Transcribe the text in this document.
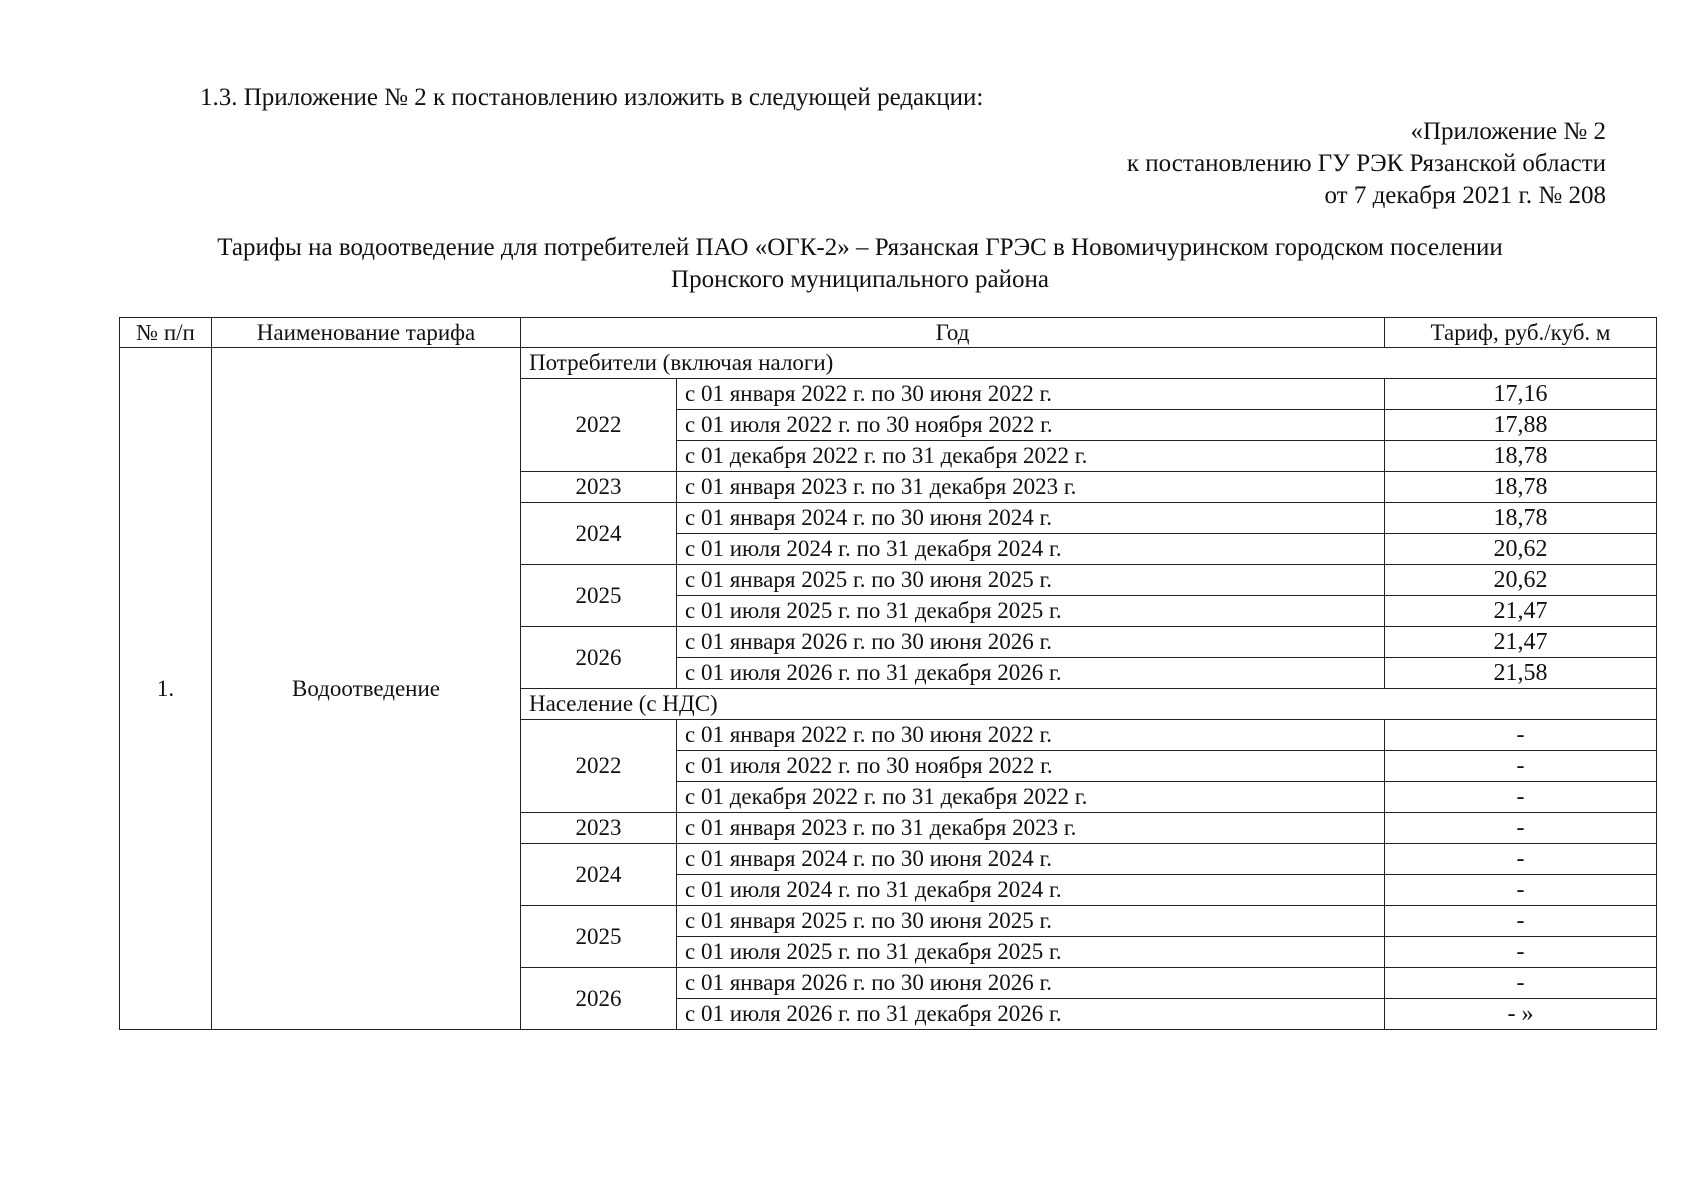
1.3. Приложение № 2 к постановлению изложить в следующей редакции:
«Приложение № 2
к постановлению ГУ РЭК Рязанской области
от 7 декабря 2021 г. № 208
Тарифы на водоотведение для потребителей ПАО «ОГК-2» – Рязанская ГРЭС в Новомичуринском городском поселении
Пронского муниципального района
№ п/п	Наименование тарифа	Год		Тариф, руб./куб. м
1.	Водоотведение	Потребители (включая налоги)		
		2022	с 01 января 2022 г. по 30 июня 2022 г.	17,16
			с 01 июля 2022 г. по 30 ноября 2022 г.	17,88
			с 01 декабря 2022 г. по 31 декабря 2022 г.	18,78
		2023	с 01 января 2023 г. по 31 декабря 2023 г.	18,78
		2024	с 01 января 2024 г. по 30 июня 2024 г.	18,78
			с 01 июля 2024 г. по 31 декабря 2024 г.	20,62
		2025	с 01 января 2025 г. по 30 июня 2025 г.	20,62
			с 01 июля 2025 г. по 31 декабря 2025 г.	21,47
		2026	с 01 января 2026 г. по 30 июня 2026 г.	21,47
			с 01 июля 2026 г. по 31 декабря 2026 г.	21,58
		Население (с НДС)		
		2022	с 01 января 2022 г. по 30 июня 2022 г.	-
			с 01 июля 2022 г. по 30 ноября 2022 г.	-
			с 01 декабря 2022 г. по 31 декабря 2022 г.	-
		2023	с 01 января 2023 г. по 31 декабря 2023 г.	-
		2024	с 01 января 2024 г. по 30 июня 2024 г.	-
			с 01 июля 2024 г. по 31 декабря 2024 г.	-
		2025	с 01 января 2025 г. по 30 июня 2025 г.	-
			с 01 июля 2025 г. по 31 декабря 2025 г.	-
		2026	с 01 января 2026 г. по 30 июня 2026 г.	-
			с 01 июля 2026 г. по 31 декабря 2026 г.	- »
